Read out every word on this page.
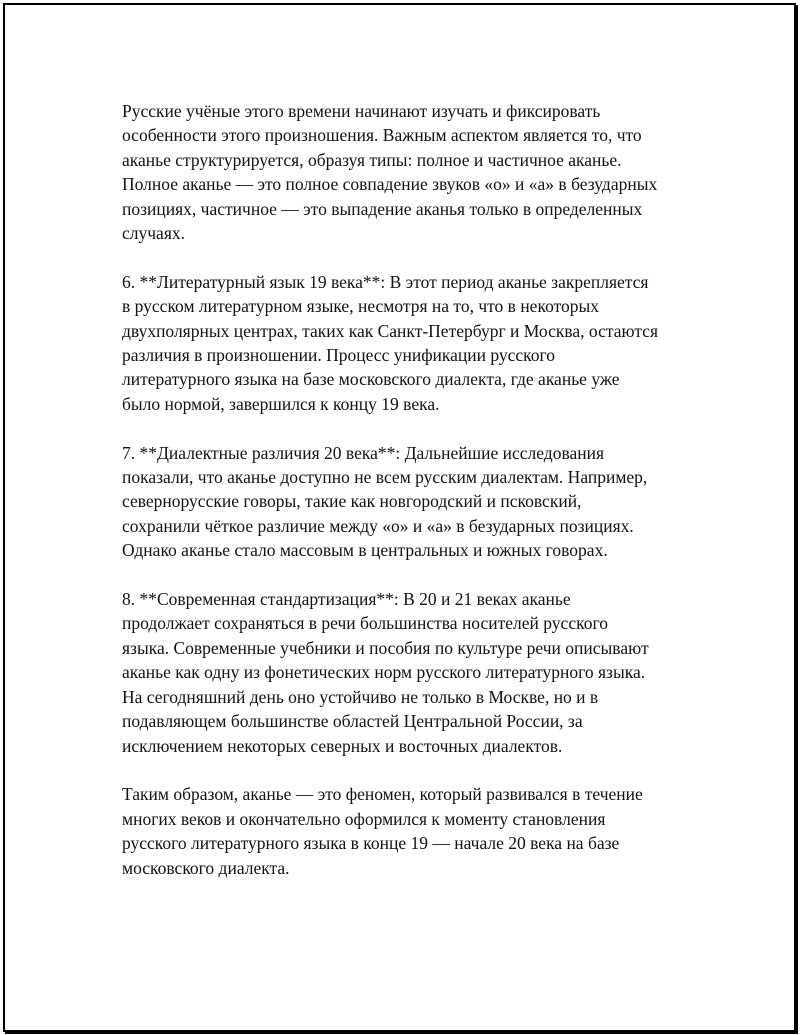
Русские учёные этого времени начинают изучать и фиксировать
особенности этого произношения. Важным аспектом является то, что
аканье структурируется, образуя типы: полное и частичное аканье.
Полное аканье — это полное совпадение звуков «о» и «а» в безударных
позициях, частичное — это выпадение аканья только в определенных
случаях.

6. **Литературный язык 19 века**: В этот период аканье закрепляется
в русском литературном языке, несмотря на то, что в некоторых
двухполярных центрах, таких как Санкт-Петербург и Москва, остаются
различия в произношении. Процесс унификации русского
литературного языка на базе московского диалекта, где аканье уже
было нормой, завершился к концу 19 века.

7. **Диалектные различия 20 века**: Дальнейшие исследования
показали, что аканье доступно не всем русским диалектам. Например,
севернорусские говоры, такие как новгородский и псковский,
сохранили чёткое различие между «о» и «а» в безударных позициях.
Однако аканье стало массовым в центральных и южных говорах.

8. **Современная стандартизация**: В 20 и 21 веках аканье
продолжает сохраняться в речи большинства носителей русского
языка. Современные учебники и пособия по культуре речи описывают
аканье как одну из фонетических норм русского литературного языка.
На сегодняшний день оно устойчиво не только в Москве, но и в
подавляющем большинстве областей Центральной России, за
исключением некоторых северных и восточных диалектов.

Таким образом, аканье — это феномен, который развивался в течение
многих веков и окончательно оформился к моменту становления
русского литературного языка в конце 19 — начале 20 века на базе
московского диалекта.
